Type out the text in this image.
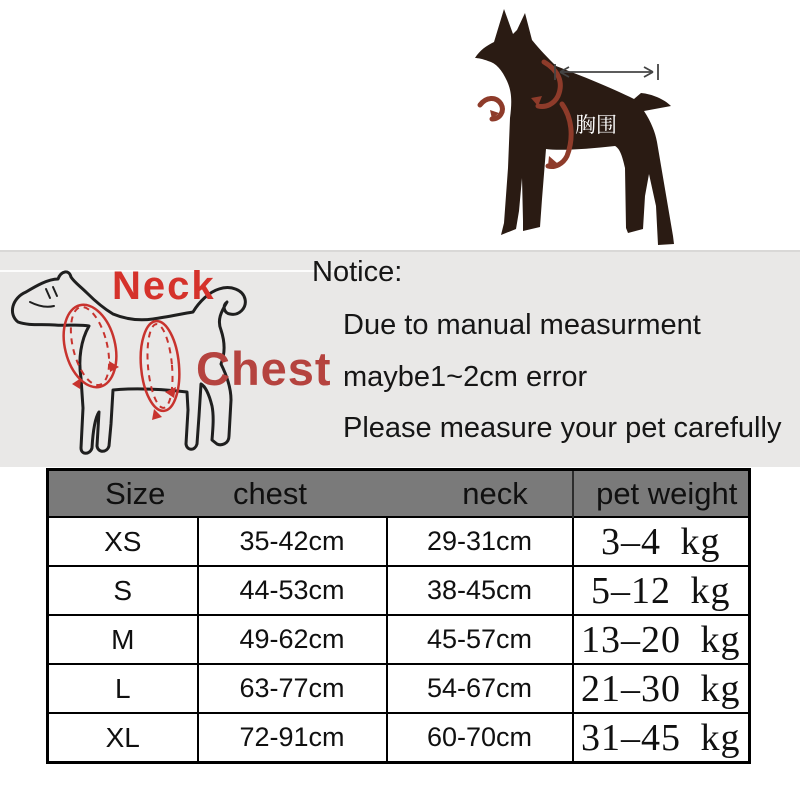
胸围
Neck
Chest
Notice:
Due to manual measurment
maybe1~2cm error
Please measure your pet carefully
Size	chest	neck	pet weight
XS	35-42cm	29-31cm	3–4 kg
S	44-53cm	38-45cm	5–12 kg
M	49-62cm	45-57cm	13–20 kg
L	63-77cm	54-67cm	21–30 kg
XL	72-91cm	60-70cm	31–45 kg
